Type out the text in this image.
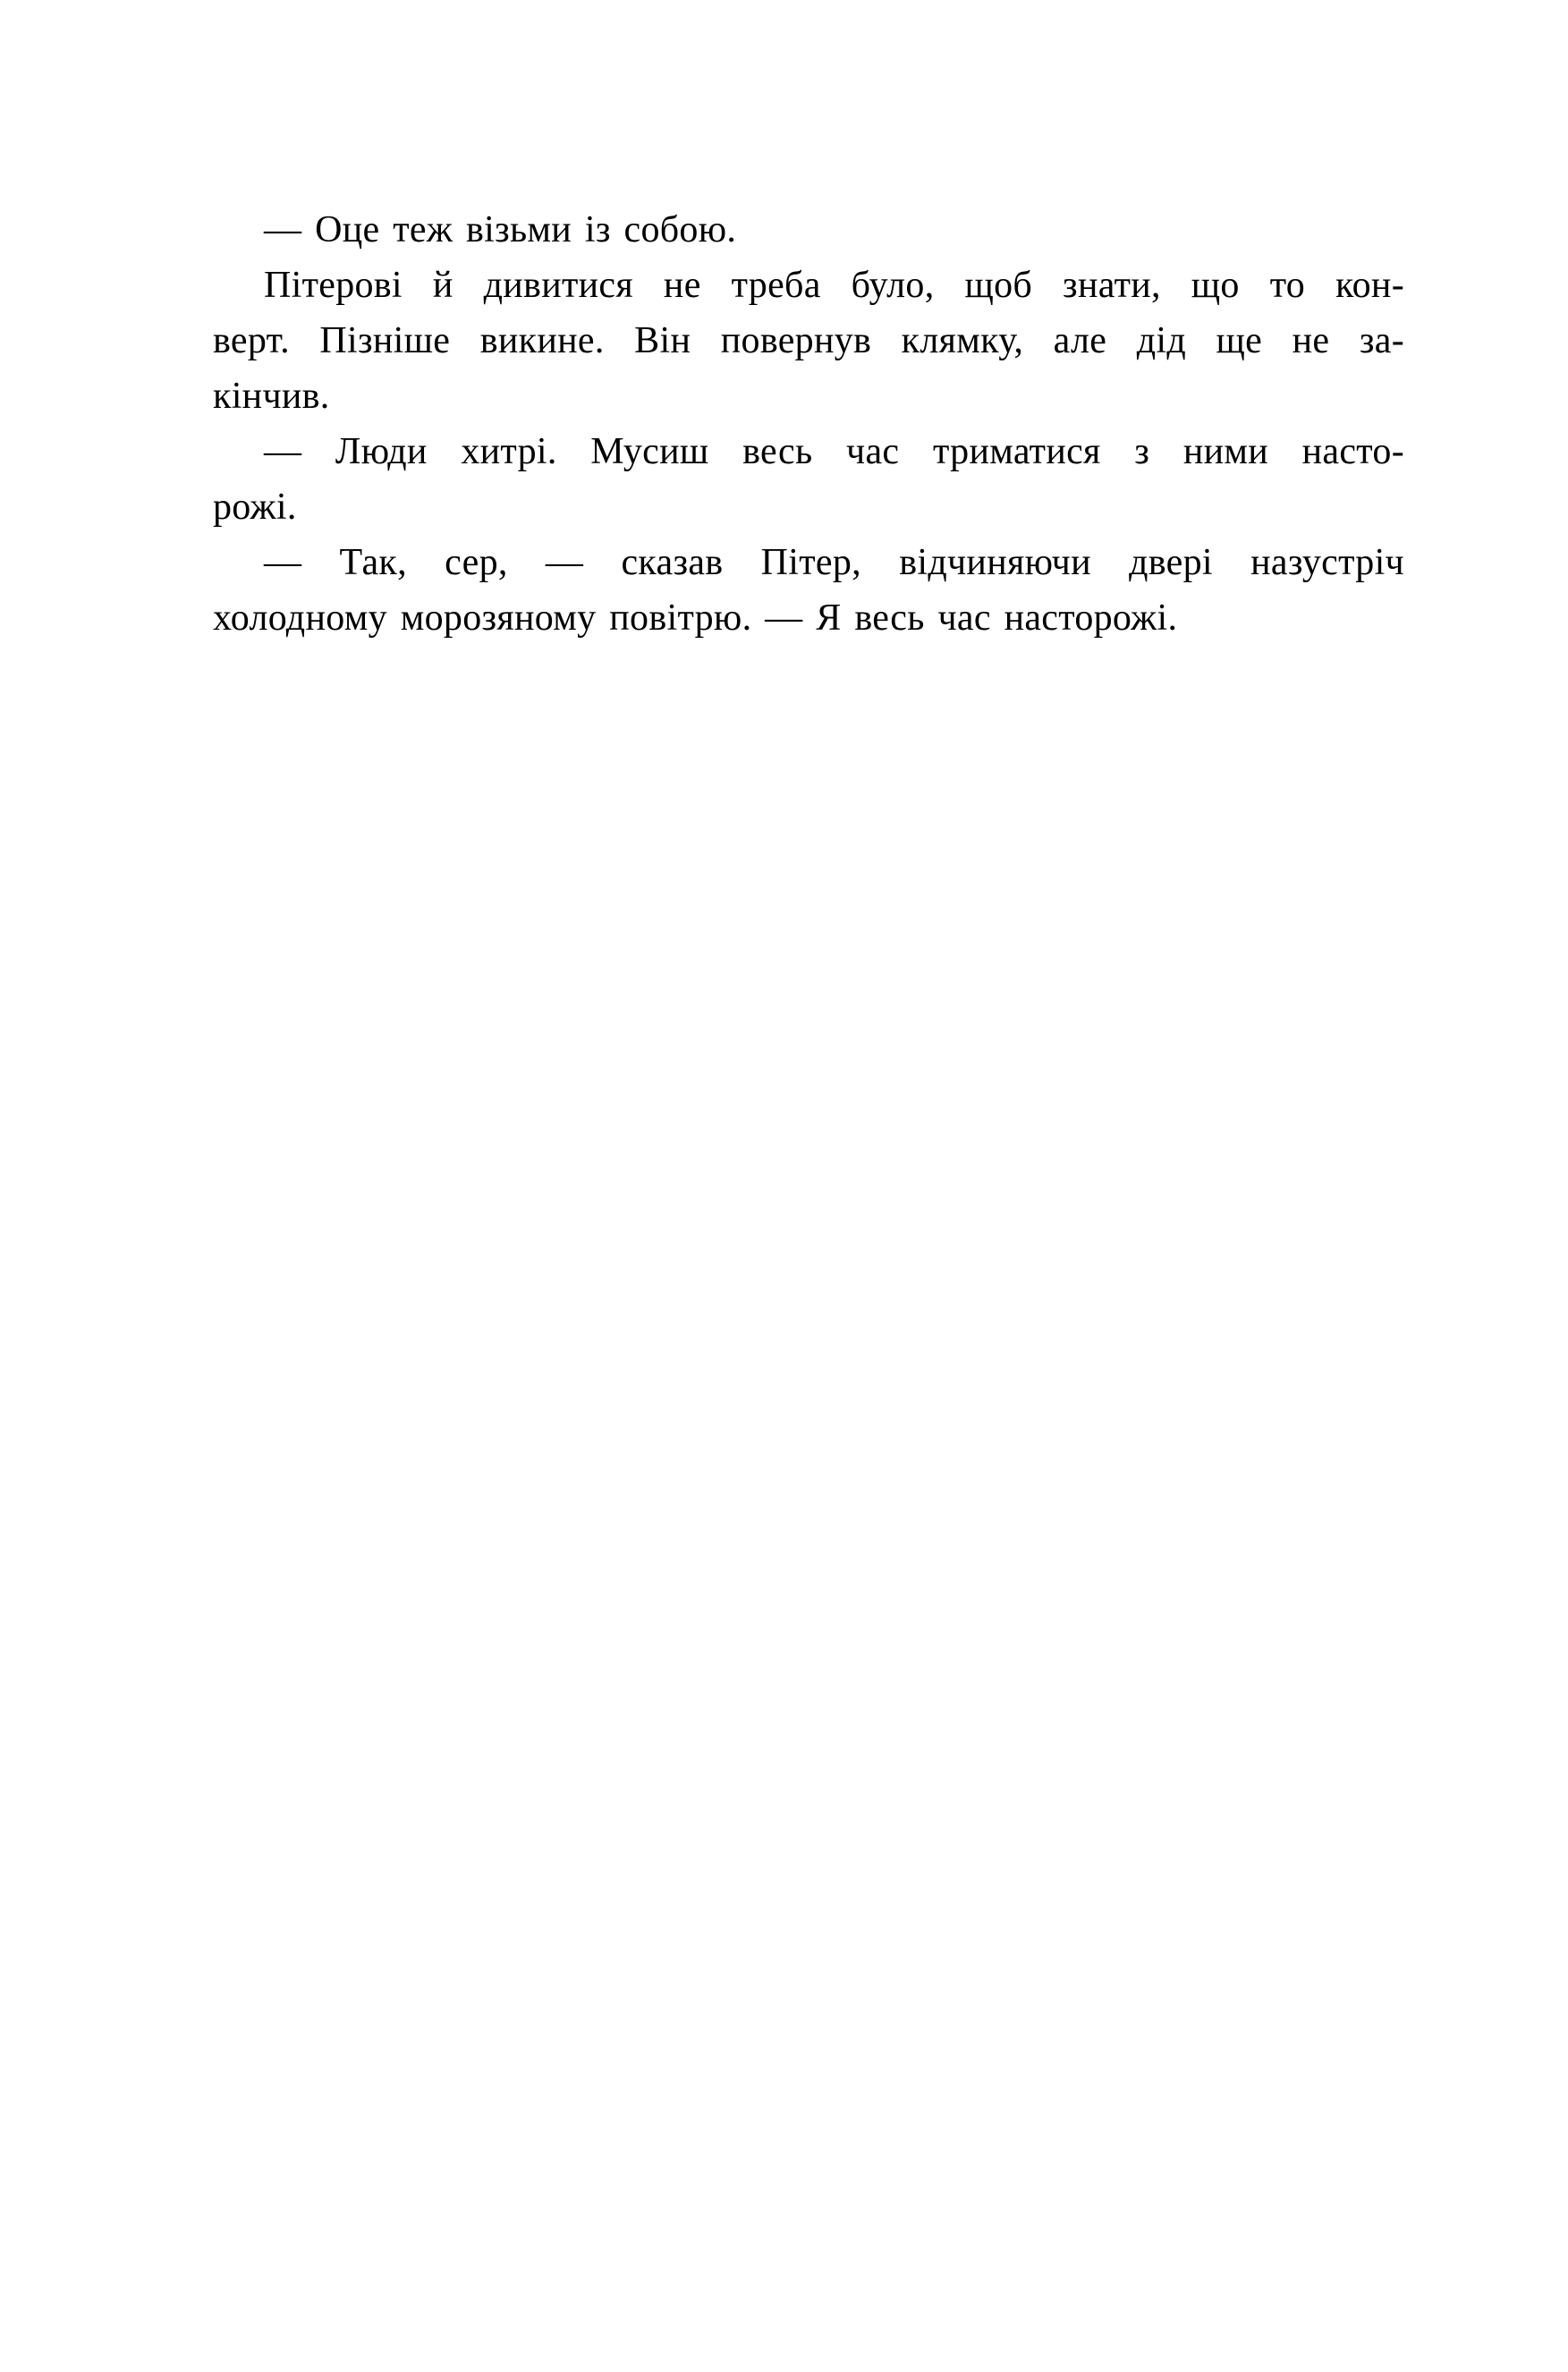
— Оце теж візьми із собою.
Пітерові й дивитися не треба було, щоб знати, що то кон-
верт. Пізніше викине. Він повернув клямку, але дід ще не за-
кінчив.
— Люди хитрі. Мусиш весь час триматися з ними насто-
рожі.
— Так, сер, — сказав Пітер, відчиняючи двері назустріч
холодному морозяному повітрю. — Я весь час насторожі.
